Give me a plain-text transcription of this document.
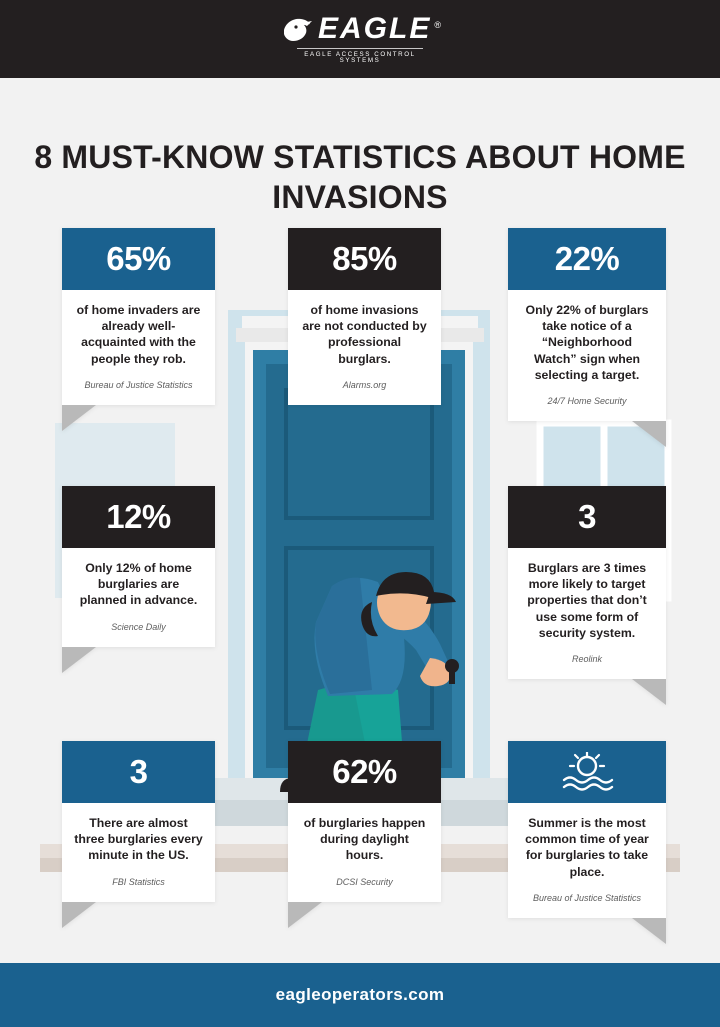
EAGLE ®
EAGLE ACCESS CONTROL SYSTEMS
8 MUST-KNOW STATISTICS ABOUT HOME INVASIONS
65%
of home invaders are already well-acquainted with the people they rob.
Bureau of Justice Statistics
85%
of home invasions are not conducted by professional burglars.
Alarms.org
22%
Only 22% of burglars take notice of a “Neighborhood Watch” sign when selecting a target.
24/7 Home Security
12%
Only 12% of home burglaries are planned in advance.
Science Daily
3
Burglars are 3 times more likely to target properties that don’t use some form of security system.
Reolink
3
There are almost three burglaries every minute in the US.
FBI Statistics
62%
of burglaries happen during daylight hours.
DCSI Security
Summer is the most common time of year for burglaries to take place.
Bureau of Justice Statistics
eagleoperators.com
